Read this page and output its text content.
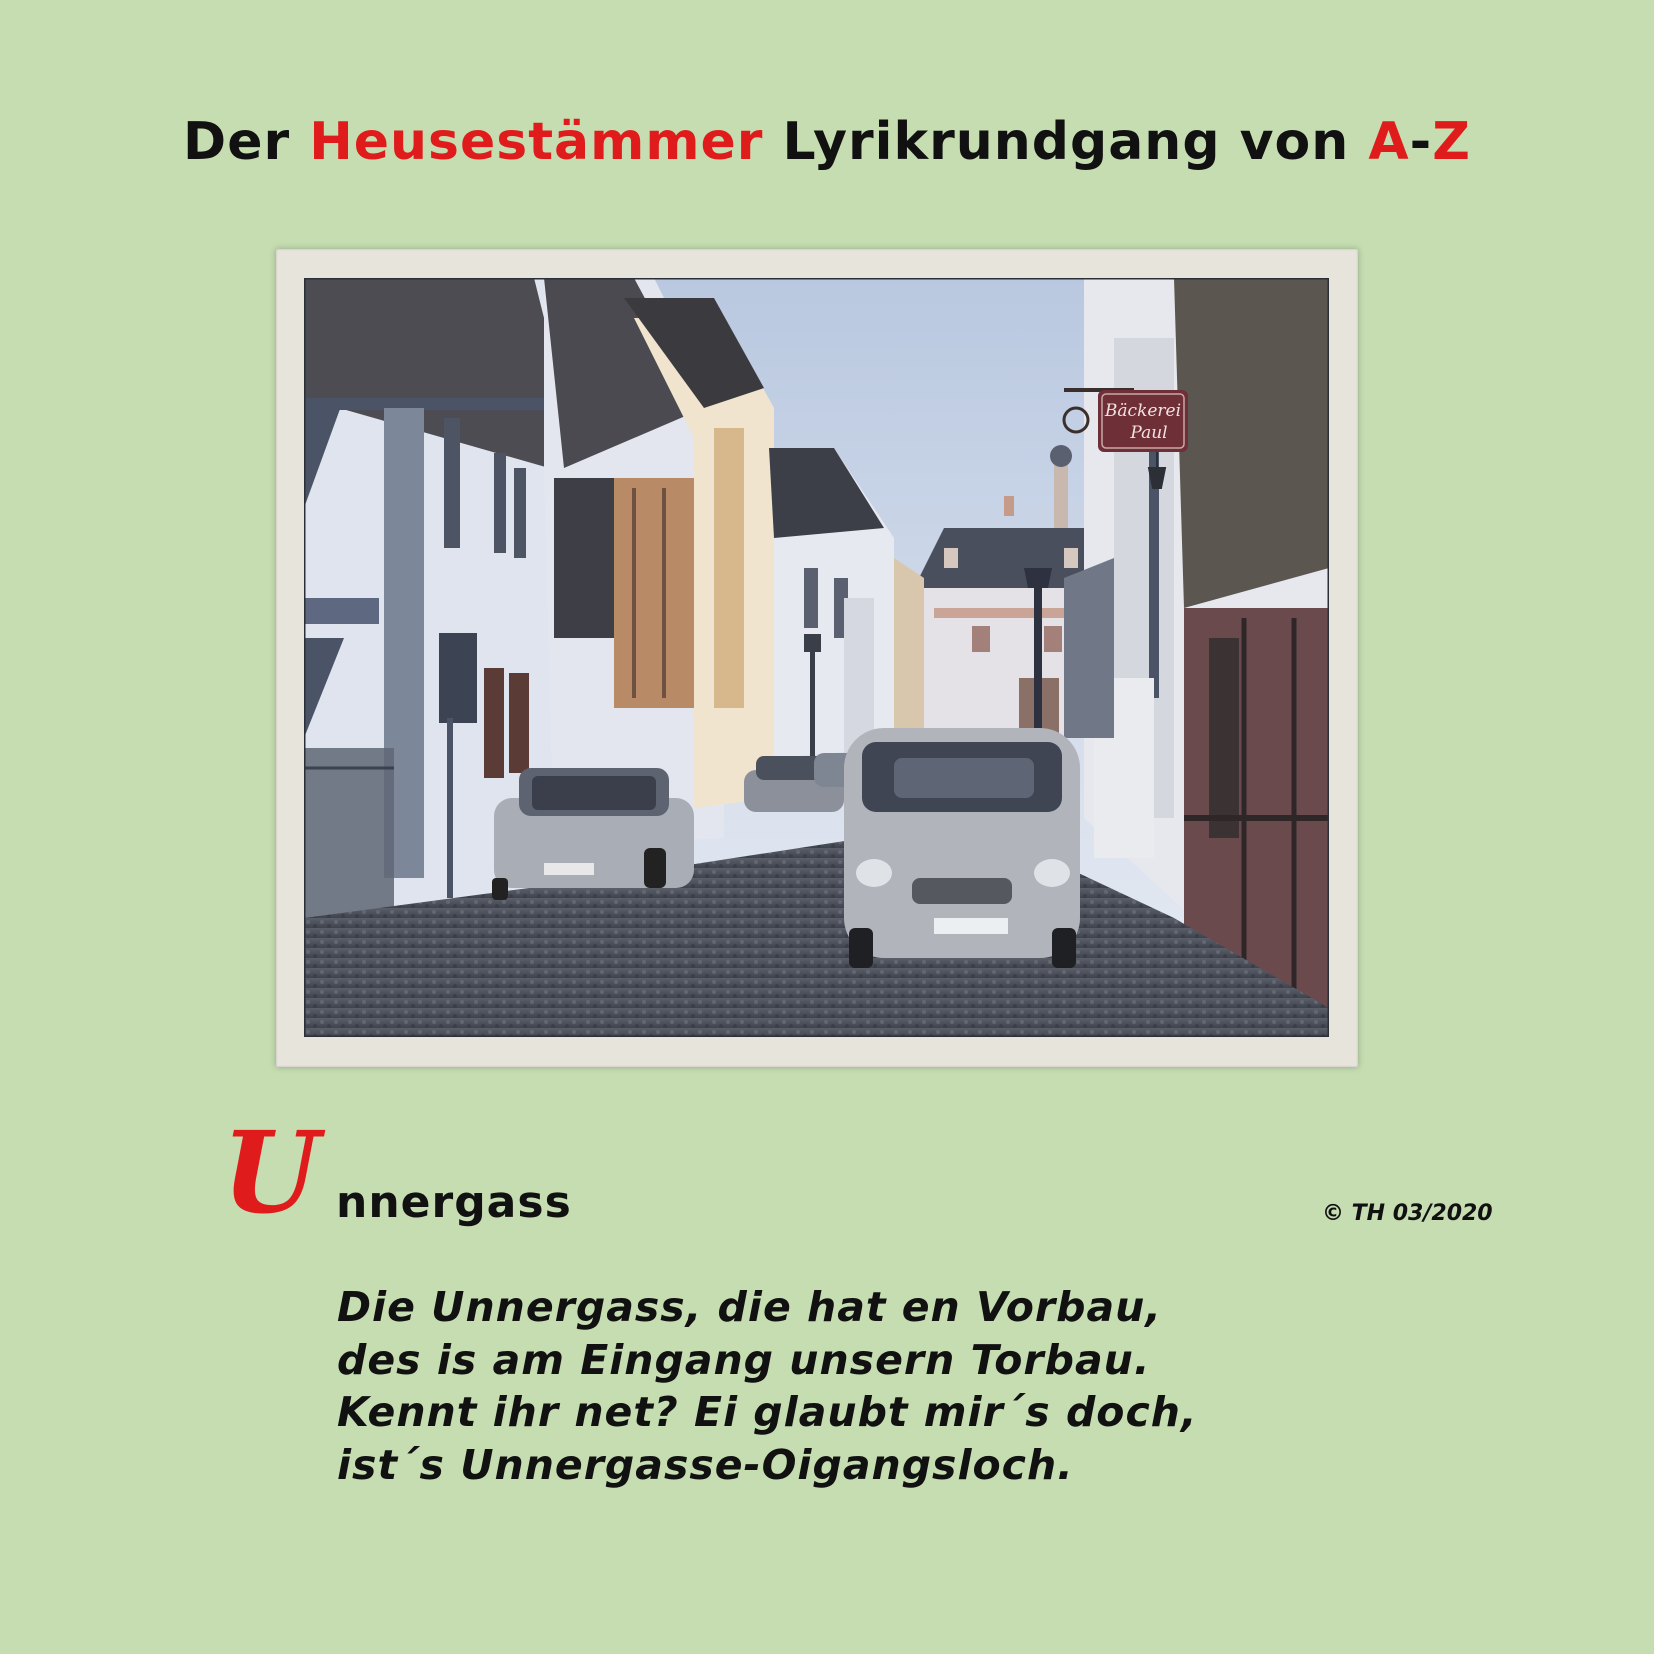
Der Heusestämmer Lyrikrundgang von A-Z
Bäckerei
Paul
U nnergass	© TH 03/2020
Die Unnergass, die hat en Vorbau,
des is am Eingang unsern Torbau.
Kennt ihr net? Ei glaubt mir´s doch,
ist´s Unnergasse-Oigangsloch.
